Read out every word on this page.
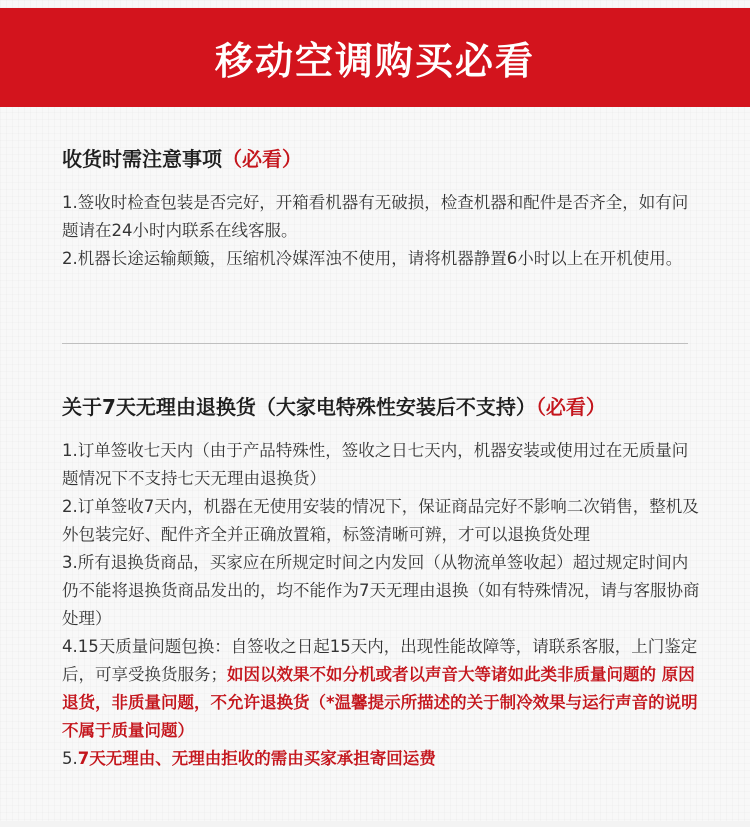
移动空调购买必看
收货时需注意事项（必看）

1.签收时检查包装是否完好，开箱看机器有无破损，检查机器和配件是否齐全，如有问题请在24小时内联系在线客服。

2.机器长途运输颠簸，压缩机冷媒浑浊不使用，请将机器静置6小时以上在开机使用。

关于7天无理由退换货（大家电特殊性安装后不支持）（必看）

1.订单签收七天内（由于产品特殊性，签收之日七天内，机器安装或使用过在无质量问题情况下不支持七天无理由退换货）

2.订单签收7天内，机器在无使用安装的情况下，保证商品完好不影响二次销售，整机及外包装完好、配件齐全并正确放置箱，标签清晰可辨，才可以退换货处理

3.所有退换货商品，买家应在所规定时间之内发回（从物流单签收起）超过规定时间内仍不能将退换货商品发出的，均不能作为7天无理由退换（如有特殊情况，请与客服协商处理）

4.15天质量问题包换：自签收之日起15天内，出现性能故障等，请联系客服，上门鉴定后，可享受换货服务；如因以效果不如分机或者以声音大等诸如此类非质量问题的 原因退货，非质量问题，不允许退换货（*温馨提示所描述的关于制冷效果与运行声音的说明不属于质量问题）

5.7天无理由、无理由拒收的需由买家承担寄回运费
